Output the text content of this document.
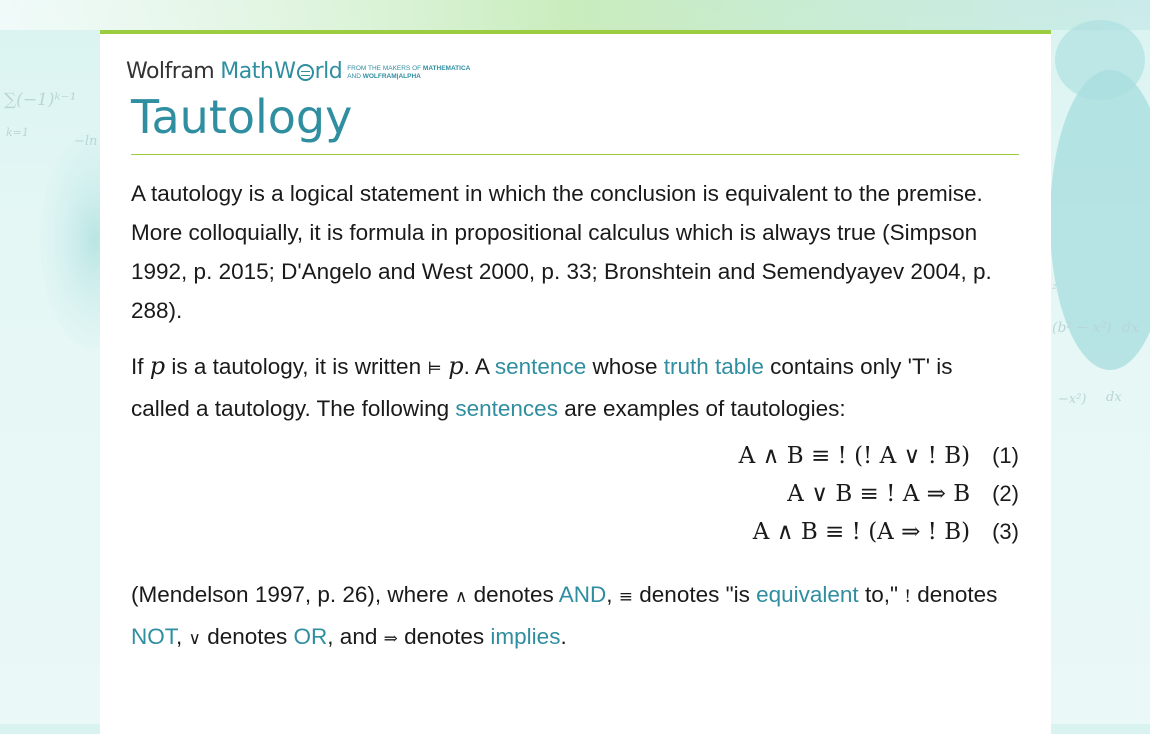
∑(−1)ᵏ⁻¹
k=1
−ln
(b² − x²) dx
²
−x²) dx
Wolfram Math W rld FROM THE MAKERS OF MATHEMATICA
AND WOLFRAM|ALPHA
Tautology

A tautology is a logical statement in which the conclusion is equivalent to the premise. More colloquially, it is formula in propositional calculus which is always true (Simpson 1992, p. 2015; D'Angelo and West 2000, p. 33; Bronshtein and Semendyayev 2004, p. 288).

If p is a tautology, it is written ⊨ p. A sentence whose truth table contains only 'T' is called a tautology. The following sentences are examples of tautologies:

A ∧ B ≡ ! (! A ∨ ! B) (1)
A ∨ B ≡ ! A ⇒ B (2)
A ∧ B ≡ ! (A ⇒ ! B) (3)

(Mendelson 1997, p. 26), where ∧ denotes AND, ≡ denotes "is equivalent to," ! denotes NOT, ∨ denotes OR, and ⇒ denotes implies.
